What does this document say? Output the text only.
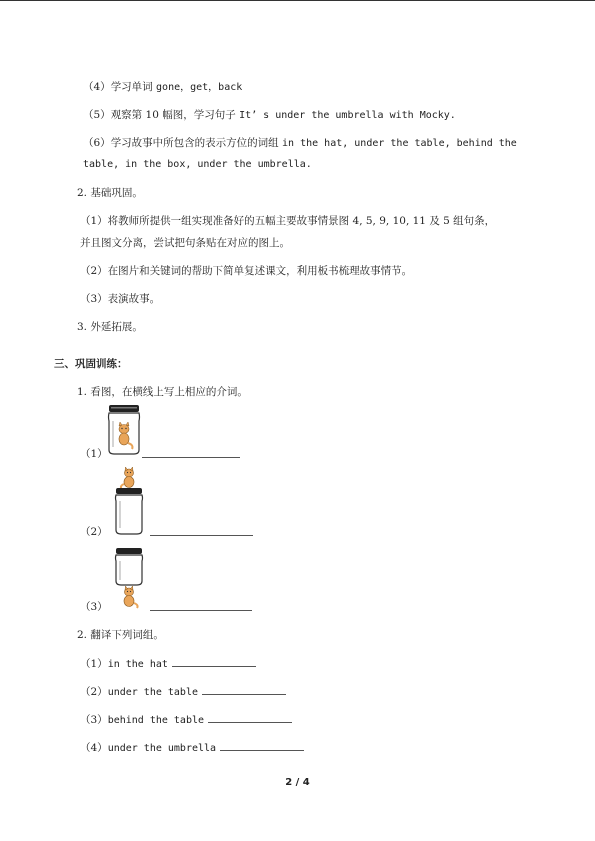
（4）学习单词 gone，get，back
（5）观察第 10 幅图，学习句子 It’ s under the umbrella with Mocky.
（6）学习故事中所包含的表示方位的词组 in the hat, under the table, behind the
table, in the box, under the umbrella.
2. 基础巩固。
（1）将教师所提供一组实现准备好的五幅主要故事情景图 4, 5, 9, 10, 11 及 5 组句条，
并且图文分离，尝试把句条贴在对应的图上。
（2）在图片和关键词的帮助下简单复述课文，利用板书梳理故事情节。
（3）表演故事。
3. 外延拓展。
三、巩固训练：
1. 看图，在横线上写上相应的介词。
（1）
（2）
（3）
2. 翻译下列词组。
（1）in the hat
（2）under the table
（3）behind the table
（4）under the umbrella
2 / 4
